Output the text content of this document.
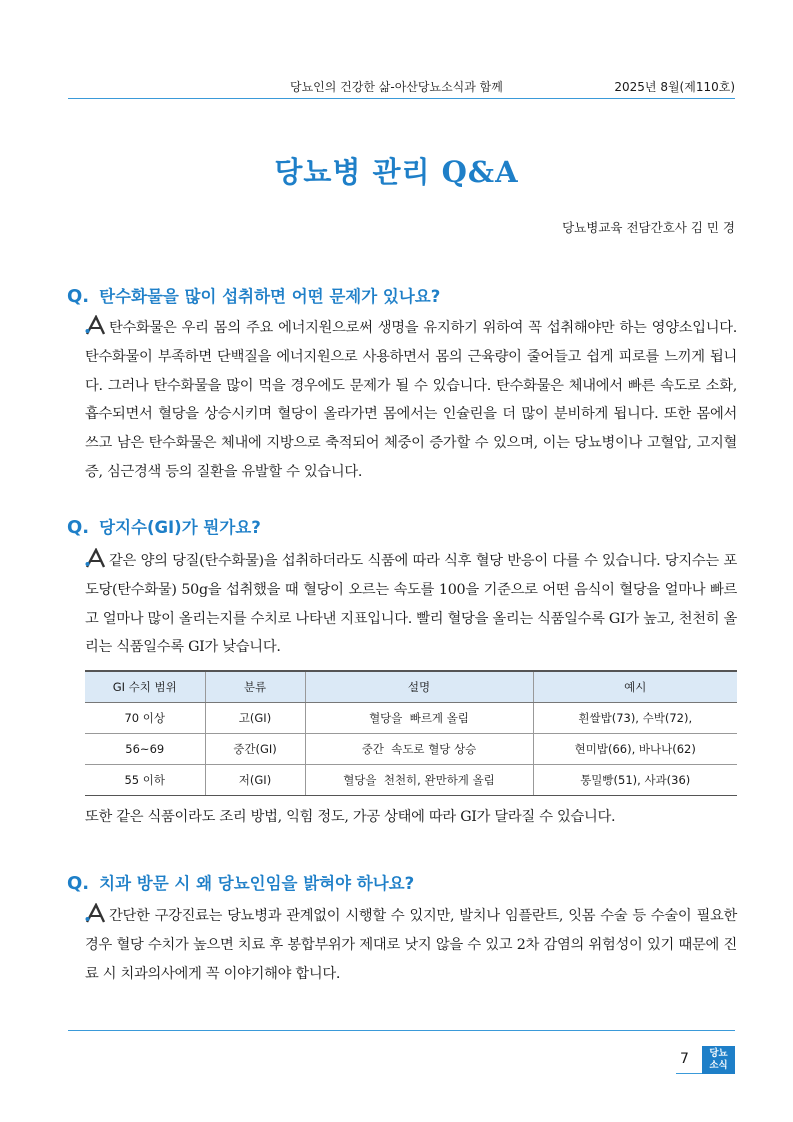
당뇨인의 건강한 삶-아산당뇨소식과 함께	2025년 8월(제110호)
당뇨병 관리 Q&A
당뇨병교육 전담간호사 김 민 경
Q. 탄수화물을 많이 섭취하면 어떤 문제가 있나요?
탄수화물은 우리 몸의 주요 에너지원으로써 생명을 유지하기 위하여 꼭 섭취해야만 하는 영양소입니다. 탄수화물이 부족하면 단백질을 에너지원으로 사용하면서 몸의 근육량이 줄어들고 쉽게 피로를 느끼게 됩니다. 그러나 탄수화물을 많이 먹을 경우에도 문제가 될 수 있습니다. 탄수화물은 체내에서 빠른 속도로 소화, 흡수되면서 혈당을 상승시키며 혈당이 올라가면 몸에서는 인슐린을 더 많이 분비하게 됩니다. 또한 몸에서 쓰고 남은 탄수화물은 체내에 지방으로 축적되어 체중이 증가할 수 있으며, 이는 당뇨병이나 고혈압, 고지혈증, 심근경색 등의 질환을 유발할 수 있습니다.
Q. 당지수(GI)가 뭔가요?
같은 양의 당질(탄수화물)을 섭취하더라도 식품에 따라 식후 혈당 반응이 다를 수 있습니다. 당지수는 포도당(탄수화물) 50g을 섭취했을 때 혈당이 오르는 속도를 100을 기준으로 어떤 음식이 혈당을 얼마나 빠르고 얼마나 많이 올리는지를 수치로 나타낸 지표입니다. 빨리 혈당을 올리는 식품일수록 GI가 높고, 천천히 올리는 식품일수록 GI가 낮습니다.
GI 수치 범위	분류	설명	예시
70 이상	고(GI)	혈당을  빠르게 올림	흰쌀밥(73), 수박(72),
56~69	중간(GI)	중간  속도로 혈당 상승	현미밥(66), 바나나(62)
55 이하	저(GI)	혈당을  천천히, 완만하게 올림	통밀빵(51), 사과(36)
또한 같은 식품이라도 조리 방법, 익힘 정도, 가공 상태에 따라 GI가 달라질 수 있습니다.
Q. 치과 방문 시 왜 당뇨인임을 밝혀야 하나요?
간단한 구강진료는 당뇨병과 관계없이 시행할 수 있지만, 발치나 임플란트, 잇몸 수술 등 수술이 필요한 경우 혈당 수치가 높으면 치료 후 봉합부위가 제대로 낫지 않을 수 있고 2차 감염의 위험성이 있기 때문에 진료 시 치과의사에게 꼭 이야기해야 합니다.
7	당뇨
소식
